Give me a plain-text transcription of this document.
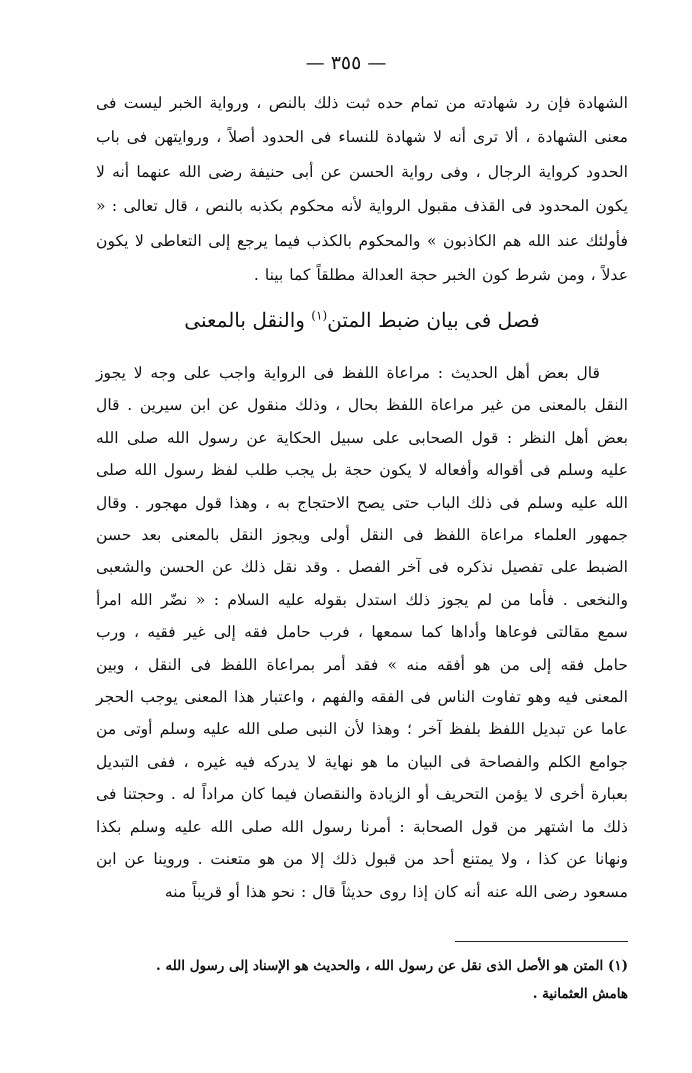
— ٣٥٥ —

الشهادة فإن رد شهادته من تمام حده ثبت ذلك بالنص ، ورواية الخبر ليست فى معنى الشهادة ، ألا ترى أنه لا شهادة للنساء فى الحدود أصلاً ، وروايتهن فى باب الحدود كرواية الرجال ، وفى رواية الحسن عن أبى حنيفة رضى الله عنهما أنه لا يكون المحدود فى القذف مقبول الرواية لأنه محكوم بكذبه بالنص ، قال تعالى : « فأولئك عند الله هم الكاذبون » والمحكوم بالكذب فيما يرجع إلى التعاطى لا يكون عدلاً ، ومن شرط كون الخبر حجة العدالة مطلقاً كما بينا .

فصل فى بيان ضبط المتن$^{(١)}$ والنقل بالمعنى

قال بعض أهل الحديث : مراعاة اللفظ فى الرواية واجب على وجه لا يجوز النقل بالمعنى من غير مراعاة اللفظ بحال ، وذلك منقول عن ابن سيرين . قال بعض أهل النظر : قول الصحابى على سبيل الحكاية عن رسول الله صلى الله عليه وسلم فى أقواله وأفعاله لا يكون حجة بل يجب طلب لفظ رسول الله صلى الله عليه وسلم فى ذلك الباب حتى يصح الاحتجاج به ، وهذا قول مهجور . وقال جمهور العلماء مراعاة اللفظ فى النقل أولى ويجوز النقل بالمعنى بعد حسن الضبط على تفصيل نذكره فى آخر الفصل . وقد نقل ذلك عن الحسن والشعبى والنخعى . فأما من لم يجوز ذلك استدل بقوله عليه السلام : « نضّر الله امرأ سمع مقالتى فوعاها وأداها كما سمعها ، فرب حامل فقه إلى غير فقيه ، ورب حامل فقه إلى من هو أفقه منه » فقد أمر بمراعاة اللفظ فى النقل ، وبين المعنى فيه وهو تفاوت الناس فى الفقه والفهم ، واعتبار هذا المعنى يوجب الحجر عاما عن تبديل اللفظ بلفظ آخر ؛ وهذا لأن النبى صلى الله عليه وسلم أوتى من جوامع الكلم والفصاحة فى البيان ما هو نهاية لا يدركه فيه غيره ، ففى التبديل بعبارة أخرى لا يؤمن التحريف أو الزيادة والنقصان فيما كان مراداً له . وحجتنا فى ذلك ما اشتهر من قول الصحابة : أمرنا رسول الله صلى الله عليه وسلم بكذا ونهانا عن كذا ، ولا يمتنع أحد من قبول ذلك إلا من هو متعنت . وروينا عن ابن مسعود رضى الله عنه أنه كان إذا روى حديثاً قال : نحو هذا أو قريباً منه

(١) المتن هو الأصل الذى نقل عن رسول الله ، والحديث هو الإسناد إلى رسول الله .

هامش العثمانية .
